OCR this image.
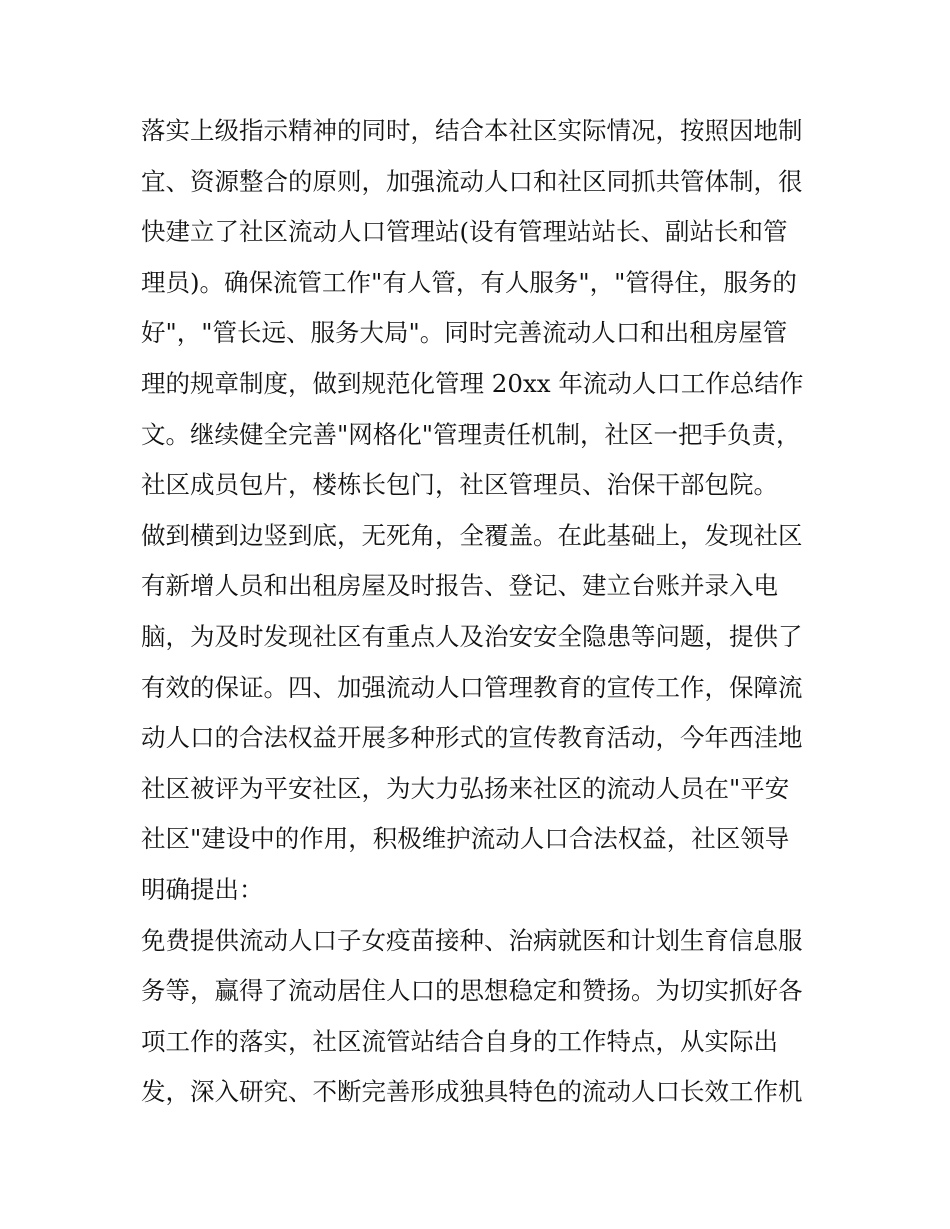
落实上级指示精神的同时，结合本社区实际情况，按照因地制
宜、资源整合的原则，加强流动人口和社区同抓共管体制，很
快建立了社区流动人口管理站(设有管理站站长、副站长和管
理员)。确保流管工作"有人管，有人服务"，"管得住，服务的
好"，"管长远、服务大局"。同时完善流动人口和出租房屋管
理的规章制度，做到规范化管理 20xx 年流动人口工作总结作
文。继续健全完善"网格化"管理责任机制，社区一把手负责，
社区成员包片，楼栋长包门，社区管理员、治保干部包院。
做到横到边竖到底，无死角，全覆盖。在此基础上，发现社区
有新增人员和出租房屋及时报告、登记、建立台账并录入电
脑，为及时发现社区有重点人及治安安全隐患等问题，提供了
有效的保证。四、加强流动人口管理教育的宣传工作，保障流
动人口的合法权益开展多种形式的宣传教育活动，今年西洼地
社区被评为平安社区，为大力弘扬来社区的流动人员在"平安
社区"建设中的作用，积极维护流动人口合法权益，社区领导
明确提出：
免费提供流动人口子女疫苗接种、治病就医和计划生育信息服
务等，赢得了流动居住人口的思想稳定和赞扬。为切实抓好各
项工作的落实，社区流管站结合自身的工作特点，从实际出
发，深入研究、不断完善形成独具特色的流动人口长效工作机
